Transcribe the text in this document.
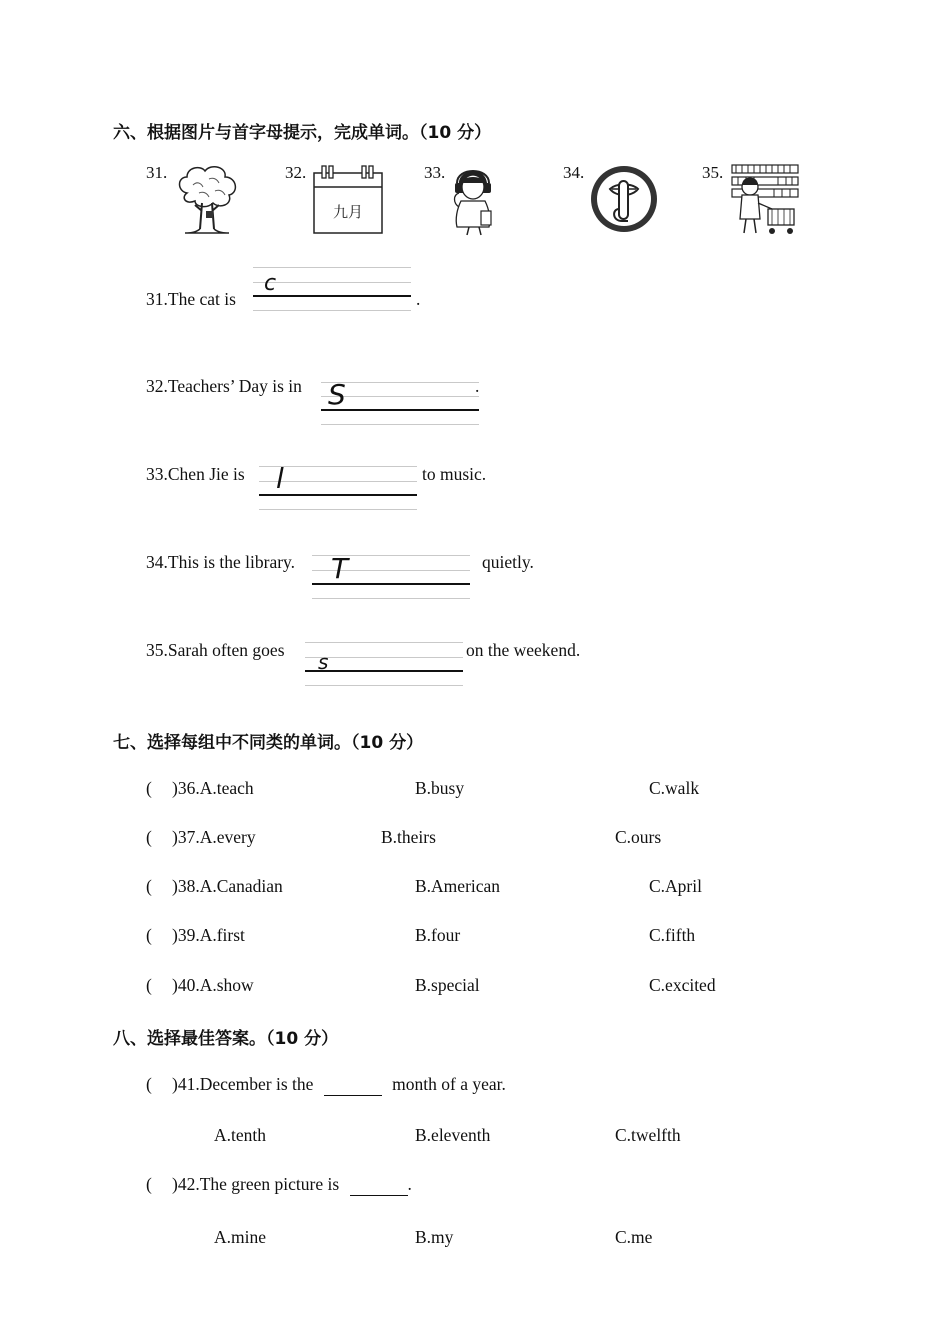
六、根据图片与首字母提示，完成单词。（10 分）
31.	32.	33.	34.	35.
九月
31.The cat is
c
.
32.Teachers’ Day is in S	.
33.Chen Jie is l	to music.
34.This is the library. T	quietly.
35.Sarah often goes s	on the weekend.
七、选择每组中不同类的单词。（10 分）
( )36.A.teach	B.busy	C.walk
( )37.A.every	B.theirs	C.ours
( )38.A.Canadian	B.American	C.April
( )39.A.first	B.four	C.fifth
( )40.A.show	B.special	C.excited
八、选择最佳答案。（10 分）
( )41.December is the	month of a year.
A.tenth	B.eleventh	C.twelfth
( )42.The green picture is	.
A.mine	B.my	C.me
